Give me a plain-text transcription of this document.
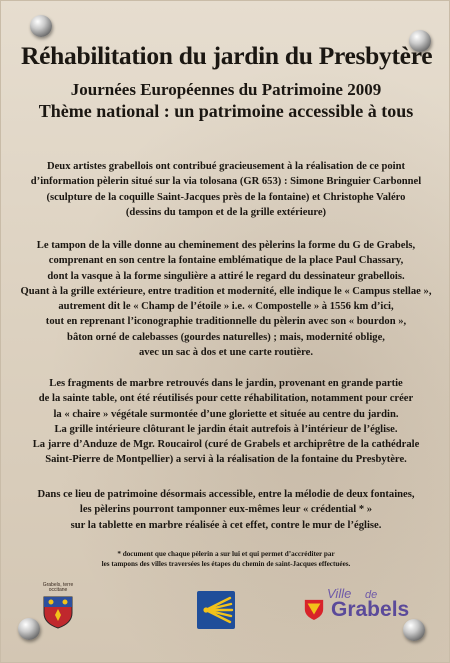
Réhabilitation du jardin du Presbytère
Journées Européennes du Patrimoine 2009
Thème national : un patrimoine accessible à tous
Deux artistes grabellois ont contribué gracieusement à la réalisation de ce point
d’information pèlerin situé sur la via tolosana (GR 653) : Simone Bringuier Carbonnel
(sculpture de la coquille Saint-Jacques près de la fontaine) et Christophe Valéro
(dessins du tampon et de la grille extérieure)
Le tampon de la ville donne au cheminement des pèlerins la forme du G de Grabels,
comprenant en son centre la fontaine emblématique de la place Paul Chassary,
dont la vasque à la forme singulière a attiré le regard du dessinateur grabellois.
Quant à la grille extérieure, entre tradition et modernité, elle indique le « Campus stellae »,
autrement dit le « Champ de l’étoile » i.e. « Compostelle » à 1556 km d’ici,
tout en reprenant l’iconographie traditionnelle du pèlerin avec son « bourdon »,
bâton orné de calebasses (gourdes naturelles) ; mais, modernité oblige,
avec un sac à dos et une carte routière.
Les fragments de marbre retrouvés dans le jardin, provenant en grande partie
de la sainte table, ont été réutilisés pour cette réhabilitation, notamment pour créer
la « chaire » végétale surmontée d’une gloriette et située au centre du jardin.
La grille intérieure clôturant le jardin était autrefois à l’intérieur de l’église.
La jarre d’Anduze de Mgr. Roucairol (curé de Grabels et archiprêtre de la cathédrale
Saint-Pierre de Montpellier) a servi à la réalisation de la fontaine du Presbytère.
Dans ce lieu de patrimoine désormais accessible, entre la mélodie de deux fontaines,
les pèlerins pourront tamponner eux-mêmes leur « crédential * »
sur la tablette en marbre réalisée à cet effet, contre le mur de l’église.
* document que chaque pèlerin a sur lui et qui permet d’accréditer par
les tampons des villes traversées les étapes du chemin de saint-Jacques effectuées.
Grabels, terre occitane	Ville de
Grabels
